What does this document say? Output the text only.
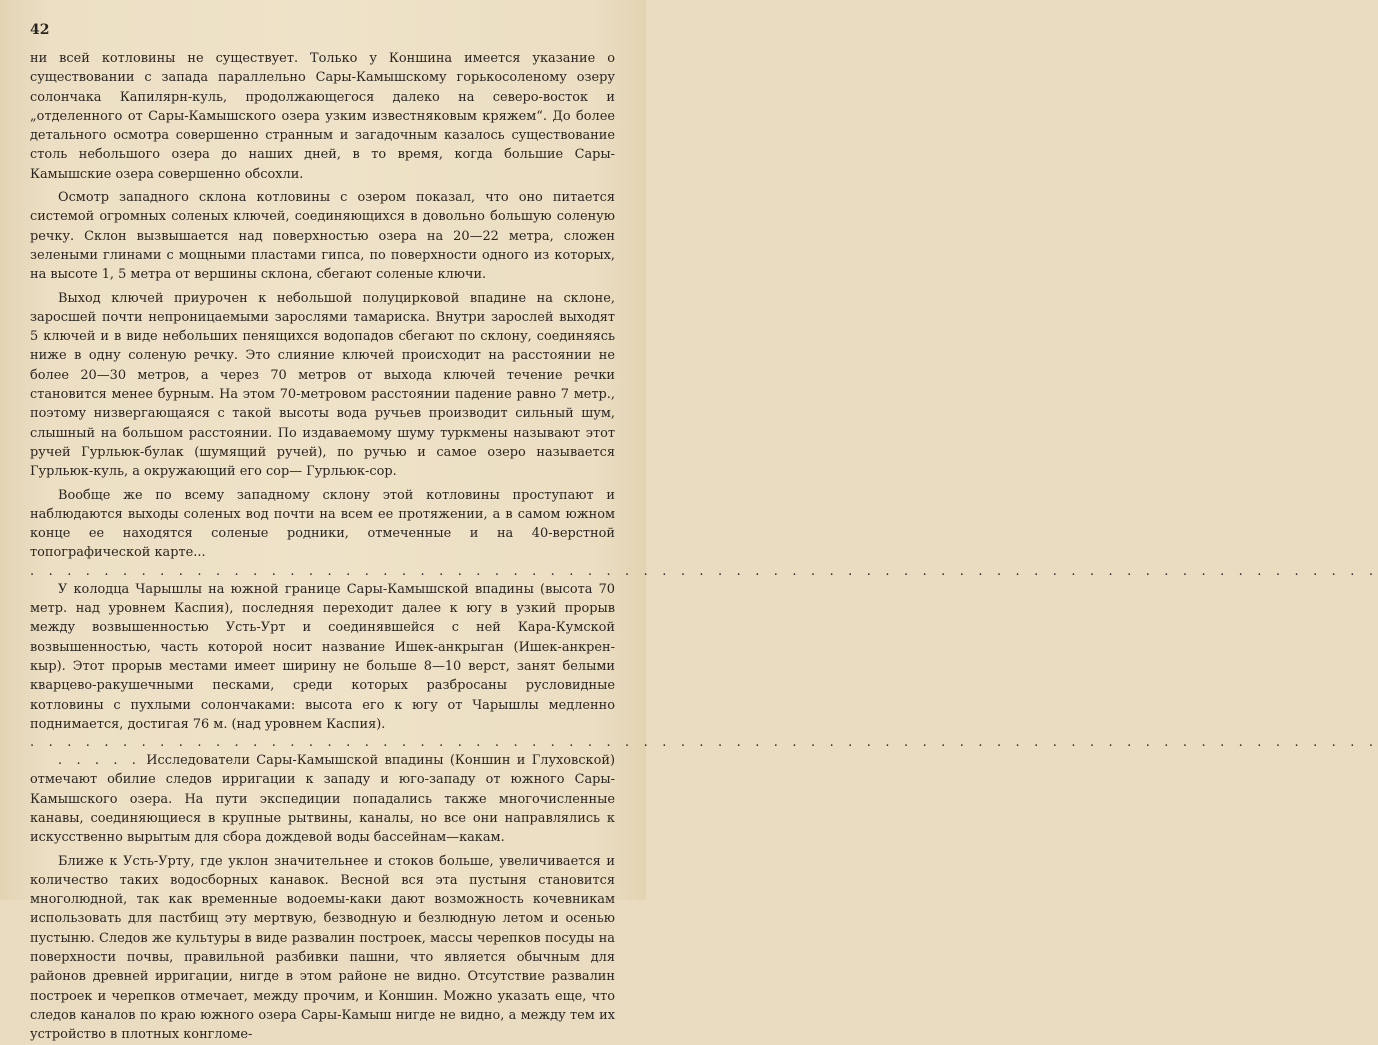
42

ни всей котловины не существует. Только у Коншина имеется указание о существовании с запада параллельно Сары-Камышскому горькосоленому озеру солончака Капилярн-куль, продолжающегося далеко на северо-восток и „отделенного от Сары-Камышского озера узким известняковым кряжем“. До более детального осмотра совершенно странным и загадочным казалось существование столь небольшого озера до наших дней, в то время, когда большие Сары-Камышские озера совершенно обсохли.

Осмотр западного склона котловины с озером показал, что оно питается системой огромных соленых ключей, соединяющихся в довольно большую соленую речку. Склон вызвышается над поверхностью озера на 20—22 метра, сложен зелеными глинами с мощными пластами гипса, по поверхности одного из которых, на высоте 1, 5 метра от вершины склона, сбегают соленые ключи.

Выход ключей приурочен к небольшой полуцирковой впадине на склоне, заросшей почти непроницаемыми зарослями тамариска. Внутри зарослей выходят 5 ключей и в виде небольших пенящихся водопадов сбегают по склону, соединяясь ниже в одну соленую речку. Это слияние ключей происходит на расстоянии не более 20—30 метров, а через 70 метров от выхода ключей течение речки становится менее бурным. На этом 70-метровом расстоянии падение равно 7 метр., поэтому низвергающаяся с такой высоты вода ручьев производит сильный шум, слышный на большом расстоянии. По издаваемому шуму туркмены называют этот ручей Гурльюк-булак (шумящий ручей), по ручью и самое озеро называется Гурльюк-куль, а окружающий его сор— Гурльюк-сор.

Вообще же по всему западному склону этой котловины проступают и наблюдаются выходы соленых вод почти на всем ее протяжении, а в самом южном конце ее находятся соленые родники, отмеченные и на 40-верстной топографической карте...

. . . . . . . . . . . . . . . . . . . . . . . . . . . . . . . . . . . . . . . . . . . . . . . . . . . . . . . . . . . . . . . . . . . . . . . . .

У колодца Чарышлы на южной границе Сары-Камышской впадины (высота 70 метр. над уровнем Каспия), последняя переходит далее к югу в узкий прорыв между возвышенностью Усть-Урт и соединявшейся с ней Кара-Кумской возвышенностью, часть которой носит название Ишек-анкрыган (Ишек-анкрен-кыр). Этот прорыв местами имеет ширину не больше 8—10 верст, занят белыми кварцево-ракушечными песками, среди которых разбросаны русловидные котловины с пухлыми солончаками: высота его к югу от Чарышлы медленно поднимается, достигая 76 м. (над уровнем Каспия).

. . . . . . . . . . . . . . . . . . . . . . . . . . . . . . . . . . . . . . . . . . . . . . . . . . . . . . . . . . . . . . . . . . . . . . . . .

. . . . . Исследователи Сары-Камышской впадины (Коншин и Глуховской) отмечают обилие следов ирригации к западу и юго-западу от южного Сары-Камышского озера. На пути экспедиции попадались также многочисленные канавы, соединяющиеся в крупные рытвины, каналы, но все они направлялись к искусственно вырытым для сбора дождевой воды бассейнам—какам.

Ближе к Усть-Урту, где уклон значительнее и стоков больше, увеличивается и количество таких водосборных канавок. Весной вся эта пустыня становится многолюдной, так как временные водоемы-каки дают возможность кочевникам использовать для пастбищ эту мертвую, безводную и безлюдную летом и осенью пустыню. Следов же культуры в виде развалин построек, массы черепков посуды на поверхности почвы, правильной разбивки пашни, что является обычным для районов древней ирригации, нигде в этом районе не видно. Отсутствие развалин построек и черепков отмечает, между прочим, и Коншин. Можно указать еще, что следов каналов по краю южного озера Сары-Камыш нигде не видно, а между тем их устройство в плотных конгломе-
